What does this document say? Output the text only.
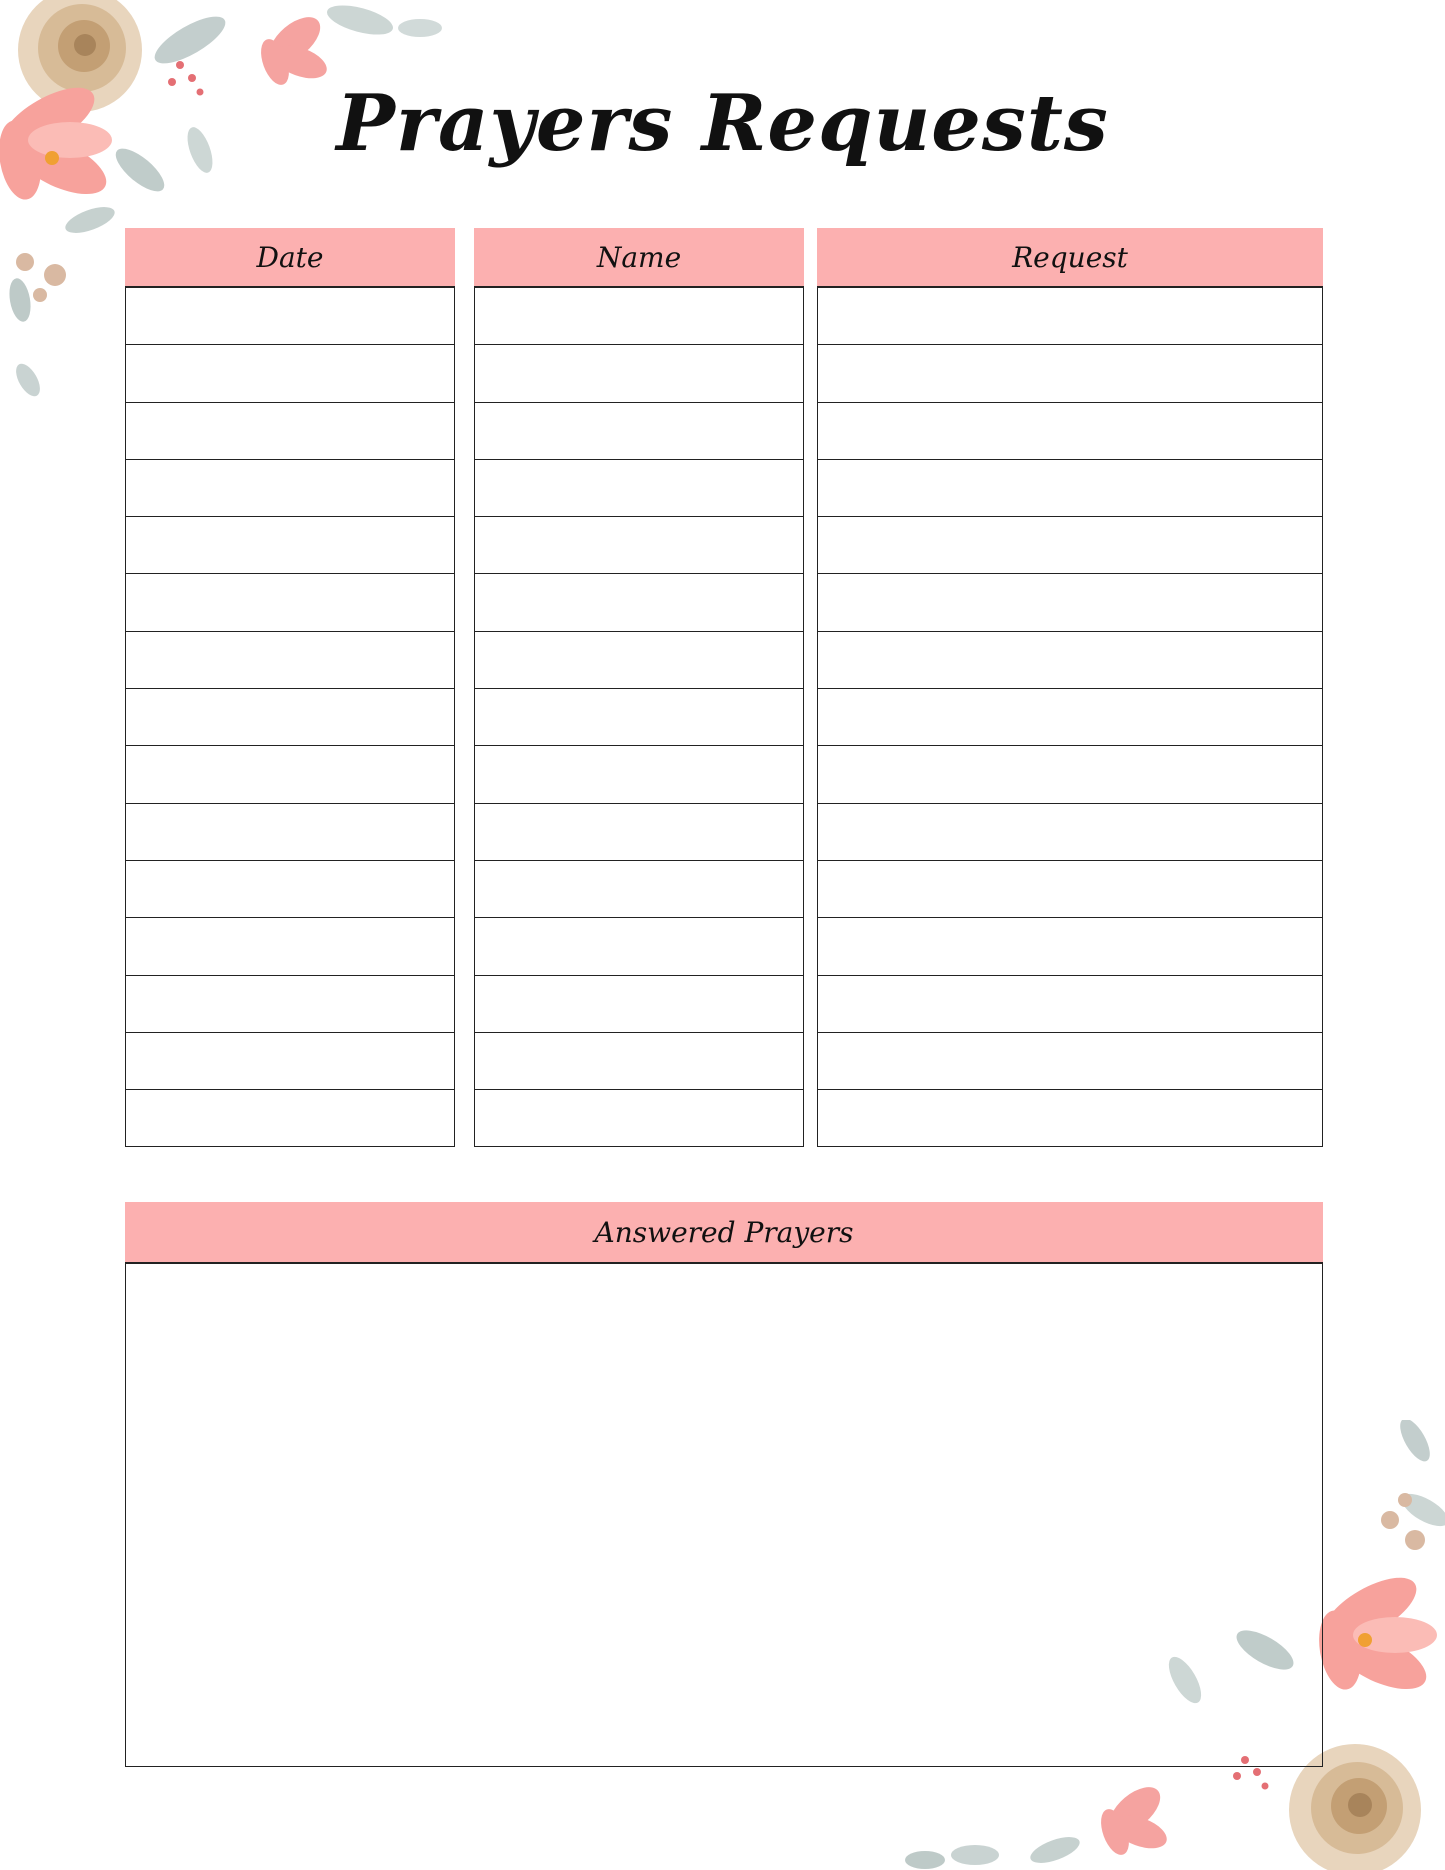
Prayers Requests
Date	Name	Request
Answered Prayers
